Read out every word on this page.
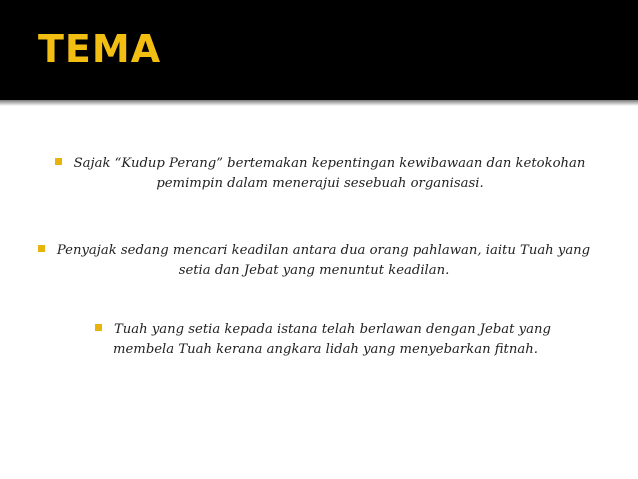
TEMA
Sajak “Kudup Perang” bertemakan kepentingan kewibawaan dan ketokohan
pemimpin dalam menerajui sesebuah organisasi.
Penyajak sedang mencari keadilan antara dua orang pahlawan, iaitu Tuah yang
setia dan Jebat yang menuntut keadilan.
Tuah yang setia kepada istana telah berlawan dengan Jebat yang
membela Tuah kerana angkara lidah yang menyebarkan fitnah.
